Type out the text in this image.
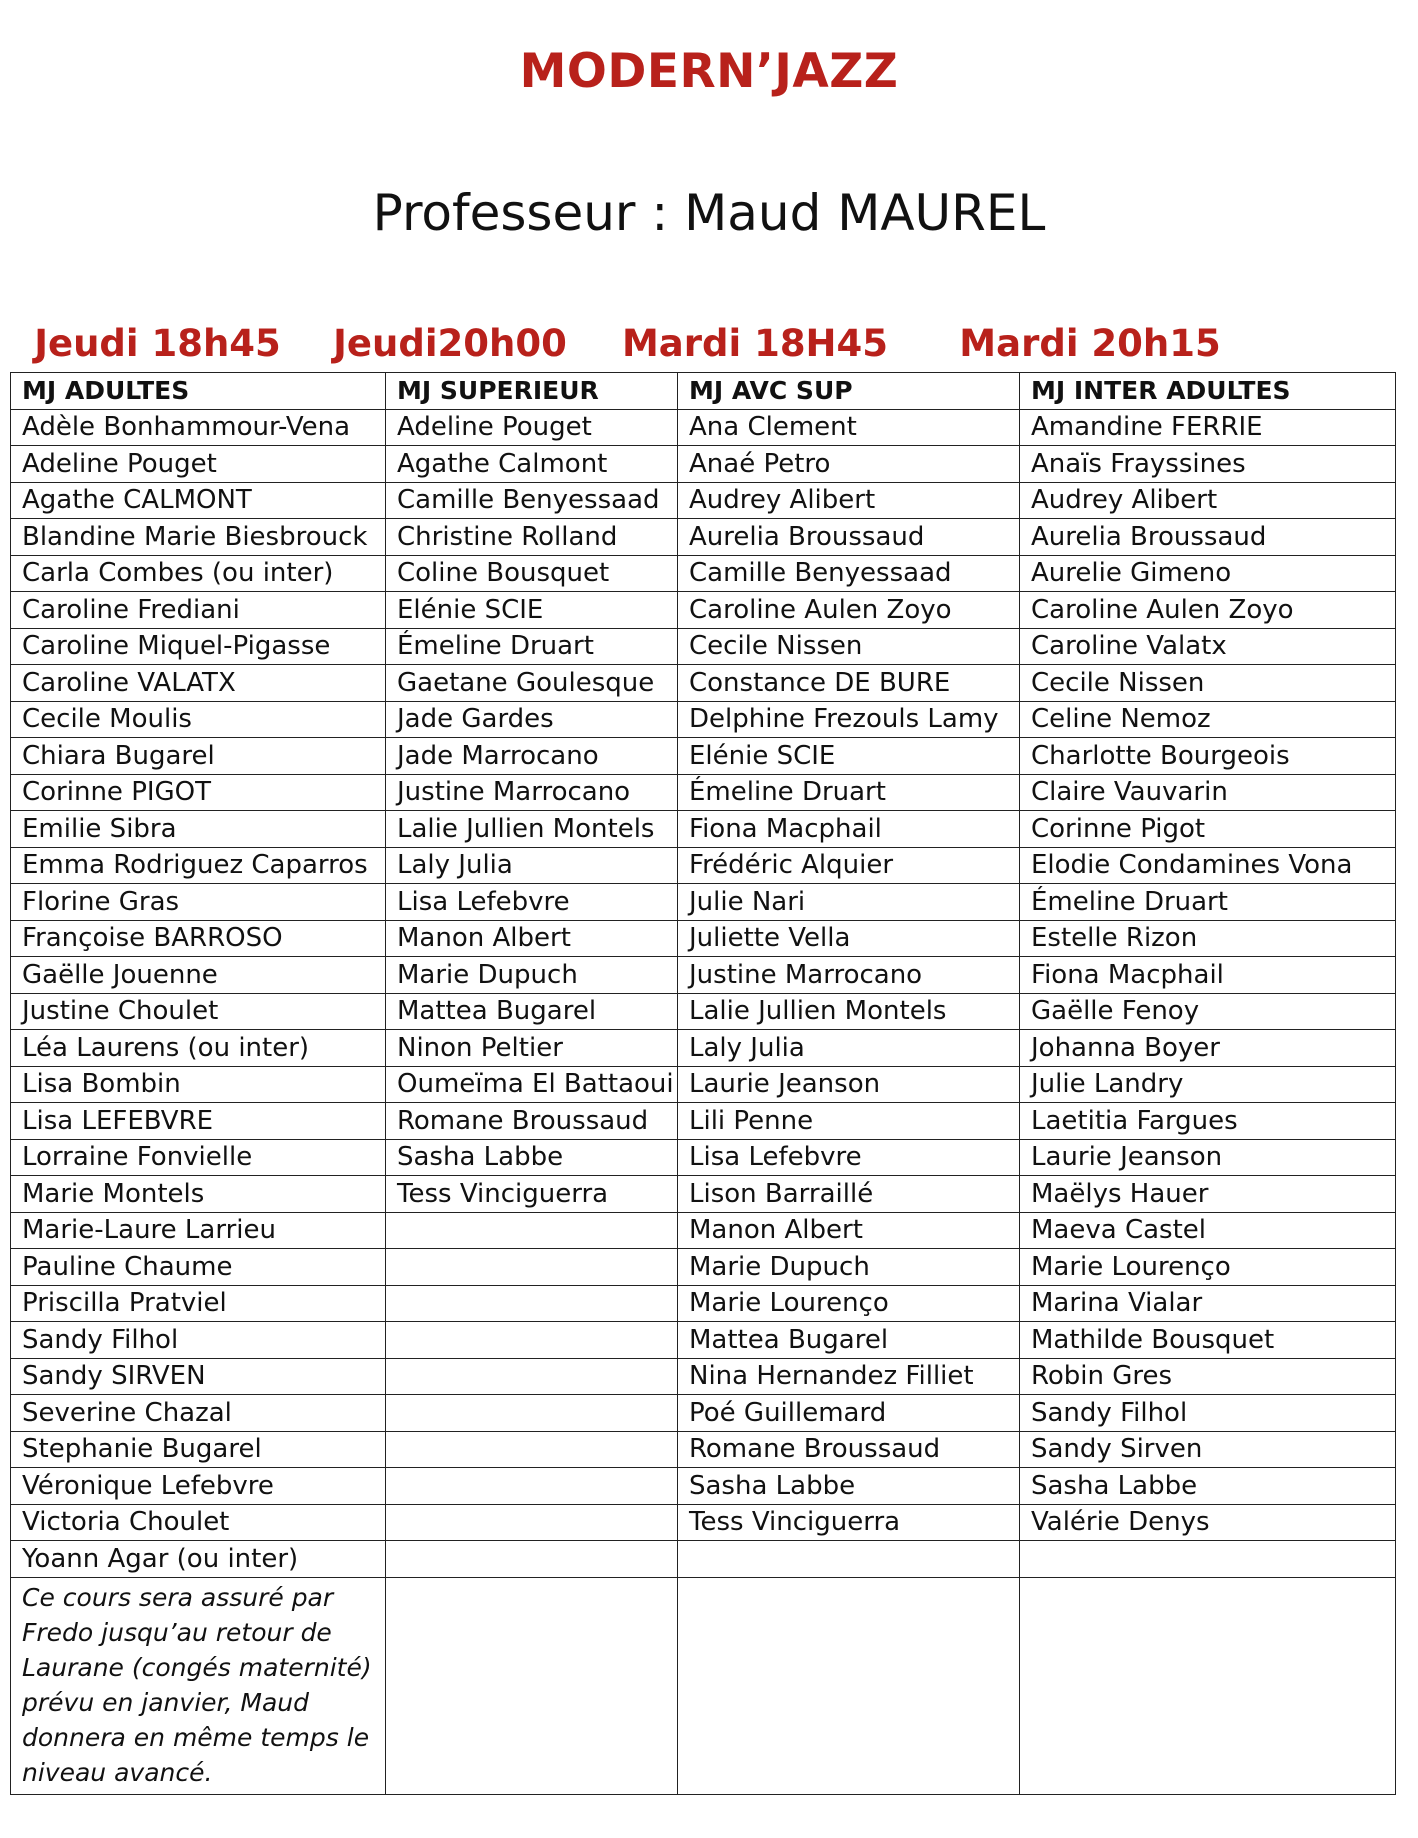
MODERN’JAZZ
Professeur : Maud MAUREL
Jeudi 18h45	Jeudi20h00	Mardi 18H45	Mardi 20h15
MJ ADULTES	MJ SUPERIEUR	MJ AVC SUP	MJ INTER ADULTES
Adèle Bonhammour-Vena	Adeline Pouget	Ana Clement	Amandine FERRIE
Adeline Pouget	Agathe Calmont	Anaé Petro	Anaïs Frayssines
Agathe CALMONT	Camille Benyessaad	Audrey Alibert	Audrey Alibert
Blandine Marie Biesbrouck	Christine Rolland	Aurelia Broussaud	Aurelia Broussaud
Carla Combes (ou inter)	Coline Bousquet	Camille Benyessaad	Aurelie Gimeno
Caroline Frediani	Elénie SCIE	Caroline Aulen Zoyo	Caroline Aulen Zoyo
Caroline Miquel-Pigasse	Émeline Druart	Cecile Nissen	Caroline Valatx
Caroline VALATX	Gaetane Goulesque	Constance DE BURE	Cecile Nissen
Cecile Moulis	Jade Gardes	Delphine Frezouls Lamy	Celine Nemoz
Chiara Bugarel	Jade Marrocano	Elénie SCIE	Charlotte Bourgeois
Corinne PIGOT	Justine Marrocano	Émeline Druart	Claire Vauvarin
Emilie Sibra	Lalie Jullien Montels	Fiona Macphail	Corinne Pigot
Emma Rodriguez Caparros	Laly Julia	Frédéric Alquier	Elodie Condamines Vona
Florine Gras	Lisa Lefebvre	Julie Nari	Émeline Druart
Françoise BARROSO	Manon Albert	Juliette Vella	Estelle Rizon
Gaëlle Jouenne	Marie Dupuch	Justine Marrocano	Fiona Macphail
Justine Choulet	Mattea Bugarel	Lalie Jullien Montels	Gaëlle Fenoy
Léa Laurens (ou inter)	Ninon Peltier	Laly Julia	Johanna Boyer
Lisa Bombin	Oumeïma El Battaoui	Laurie Jeanson	Julie Landry
Lisa LEFEBVRE	Romane Broussaud	Lili Penne	Laetitia Fargues
Lorraine Fonvielle	Sasha Labbe	Lisa Lefebvre	Laurie Jeanson
Marie Montels	Tess Vinciguerra	Lison Barraillé	Maëlys Hauer
Marie-Laure Larrieu		Manon Albert	Maeva Castel
Pauline Chaume		Marie Dupuch	Marie Lourenço
Priscilla Pratviel		Marie Lourenço	Marina Vialar
Sandy Filhol		Mattea Bugarel	Mathilde Bousquet
Sandy SIRVEN		Nina Hernandez Filliet	Robin Gres
Severine Chazal		Poé Guillemard	Sandy Filhol
Stephanie Bugarel		Romane Broussaud	Sandy Sirven
Véronique Lefebvre		Sasha Labbe	Sasha Labbe
Victoria Choulet		Tess Vinciguerra	Valérie Denys
Yoann Agar (ou inter)			
Ce cours sera assuré par Fredo jusqu’au retour de Laurane (congés maternité) prévu en janvier, Maud donnera en même temps le niveau avancé.			
